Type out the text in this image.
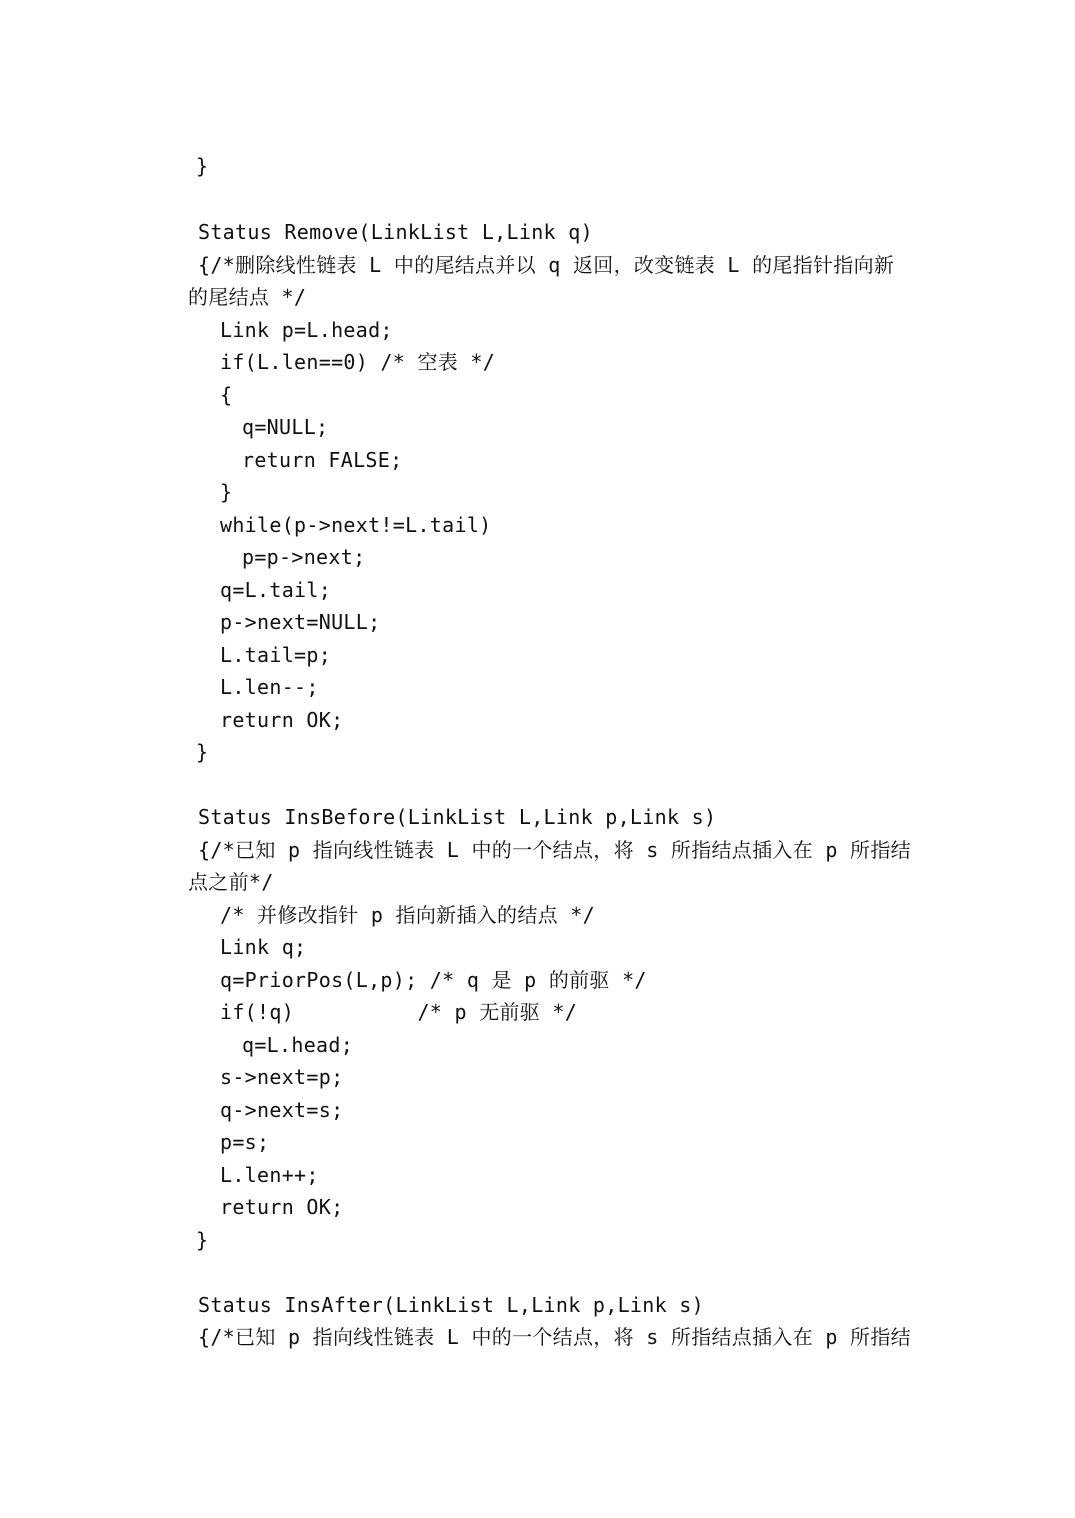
}
Status Remove(LinkList L,Link q)
{/*删除线性链表 L 中的尾结点并以 q 返回，改变链表 L 的尾指针指向新
的尾结点 */
Link p=L.head;
if(L.len==0) /* 空表 */
{
q=NULL;
return FALSE;
}
while(p->next!=L.tail)
p=p->next;
q=L.tail;
p->next=NULL;
L.tail=p;
L.len--;
return OK;
}
Status InsBefore(LinkList L,Link p,Link s)
{/*已知 p 指向线性链表 L 中的一个结点，将 s 所指结点插入在 p 所指结
点之前*/
/* 并修改指针 p 指向新插入的结点 */
Link q;
q=PriorPos(L,p); /* q 是 p 的前驱 */
if(!q)          /* p 无前驱 */
q=L.head;
s->next=p;
q->next=s;
p=s;
L.len++;
return OK;
}
Status InsAfter(LinkList L,Link p,Link s)
{/*已知 p 指向线性链表 L 中的一个结点，将 s 所指结点插入在 p 所指结
